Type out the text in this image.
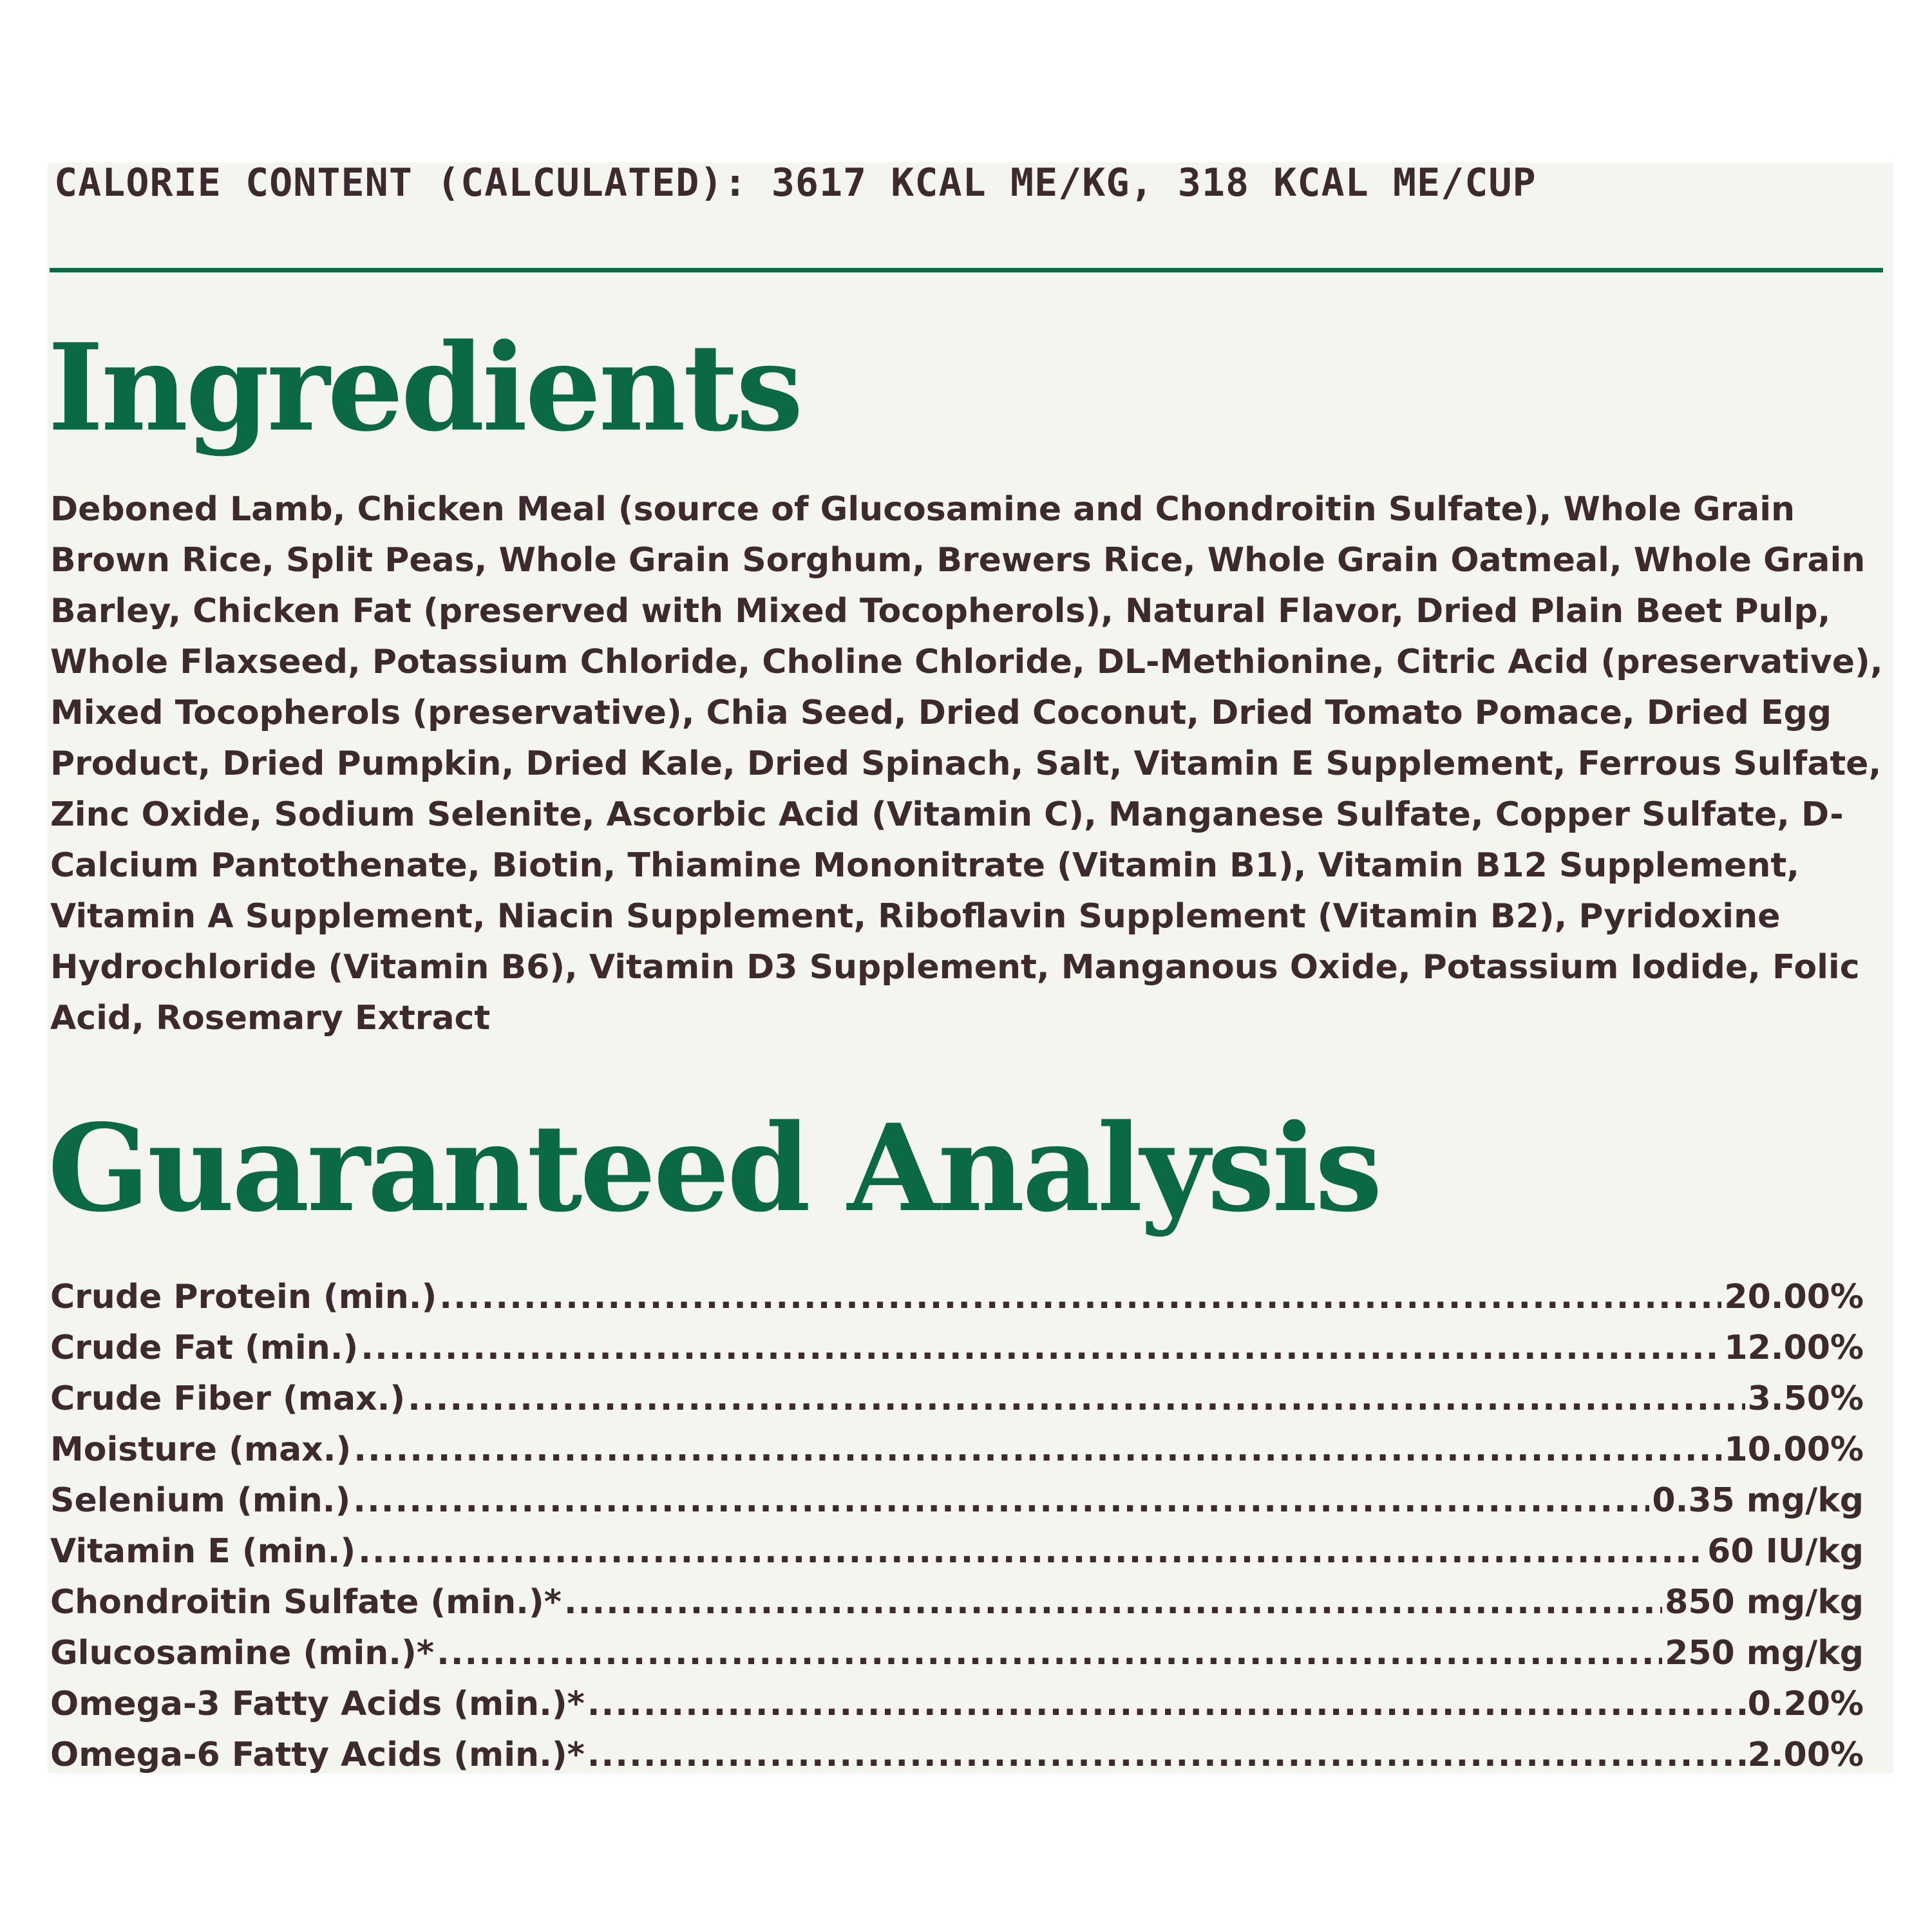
CALORIE CONTENT (CALCULATED): 3617 KCAL ME/KG, 318 KCAL ME/CUP
Ingredients
Deboned Lamb, Chicken Meal (source of Glucosamine and Chondroitin Sulfate), Whole Grain Brown Rice, Split Peas, Whole Grain Sorghum, Brewers Rice, Whole Grain Oatmeal, Whole Grain Barley, Chicken Fat (preserved with Mixed Tocopherols), Natural Flavor, Dried Plain Beet Pulp, Whole Flaxseed, Potassium Chloride, Choline Chloride, DL-Methionine, Citric Acid (preservative), Mixed Tocopherols (preservative), Chia Seed, Dried Coconut, Dried Tomato Pomace, Dried Egg Product, Dried Pumpkin, Dried Kale, Dried Spinach, Salt, Vitamin E Supplement, Ferrous Sulfate, Zinc Oxide, Sodium Selenite, Ascorbic Acid (Vitamin C), Manganese Sulfate, Copper Sulfate, D-Calcium Pantothenate, Biotin, Thiamine Mononitrate (Vitamin B1), Vitamin B12 Supplement, Vitamin A Supplement, Niacin Supplement, Riboflavin Supplement (Vitamin B2), Pyridoxine Hydrochloride (Vitamin B6), Vitamin D3 Supplement, Manganous Oxide, Potassium Iodide, Folic Acid, Rosemary Extract
Guaranteed Analysis
Crude Protein (min.) .....	20.00%
Crude Fat (min.) .....	12.00%
Crude Fiber (max.) .....	3.50%
Moisture (max.) .....	10.00%
Selenium (min.) .....	0.35 mg/kg
Vitamin E (min.) .....	60 IU/kg
Chondroitin Sulfate (min.)* .....	850 mg/kg
Glucosamine (min.)* .....	250 mg/kg
Omega-3 Fatty Acids (min.)* .....	0.20%
Omega-6 Fatty Acids (min.)* .....	2.00%
